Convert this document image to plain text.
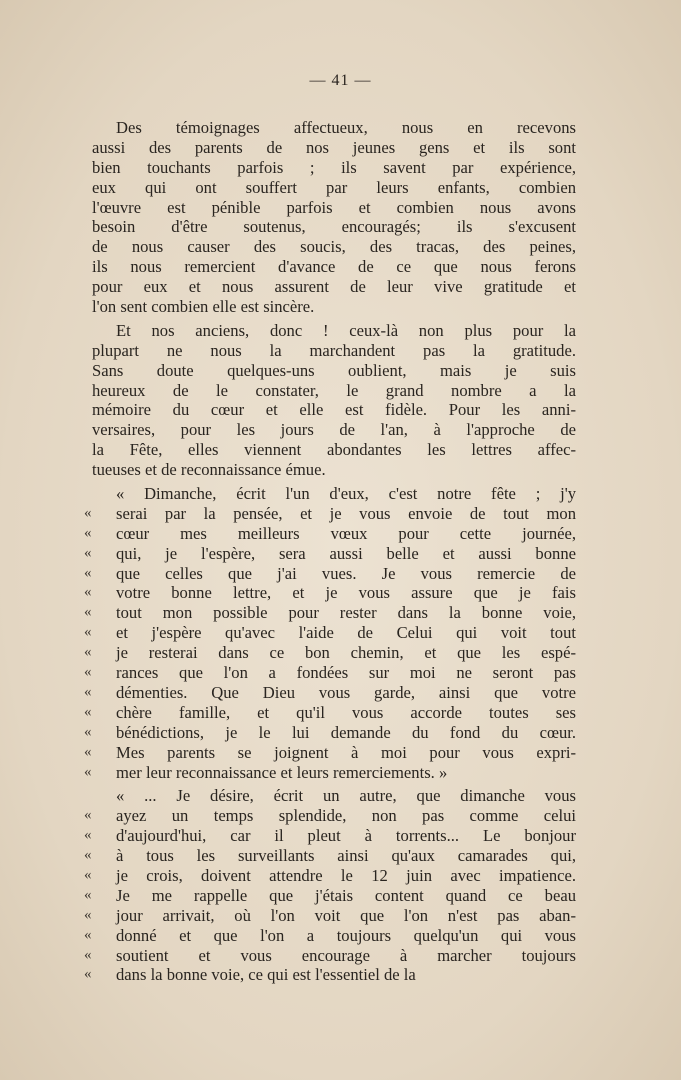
— 41 —
Des témoignages affectueux, nous en recevons
aussi des parents de nos jeunes gens et ils sont
bien touchants parfois ; ils savent par expérience,
eux qui ont souffert par leurs enfants, combien
l'œuvre est pénible parfois et combien nous avons
besoin d'être soutenus, encouragés; ils s'excusent
de nous causer des soucis, des tracas, des peines,
ils nous remercient d'avance de ce que nous ferons
pour eux et nous assurent de leur vive gratitude et
l'on sent combien elle est sincère.
Et nos anciens, donc ! ceux-là non plus pour la
plupart ne nous la marchandent pas la gratitude.
Sans doute quelques-uns oublient, mais je suis
heureux de le constater, le grand nombre a la
mémoire du cœur et elle est fidèle. Pour les anni-
versaires, pour les jours de l'an, à l'approche de
la Fête, elles viennent abondantes les lettres affec-
tueuses et de reconnaissance émue.
« Dimanche, écrit l'un d'eux, c'est notre fête ; j'y
« serai par la pensée, et je vous envoie de tout mon
« cœur mes meilleurs vœux pour cette journée,
« qui, je l'espère, sera aussi belle et aussi bonne
« que celles que j'ai vues. Je vous remercie de
« votre bonne lettre, et je vous assure que je fais
« tout mon possible pour rester dans la bonne voie,
« et j'espère qu'avec l'aide de Celui qui voit tout
« je resterai dans ce bon chemin, et que les espé-
« rances que l'on a fondées sur moi ne seront pas
« démenties. Que Dieu vous garde, ainsi que votre
« chère famille, et qu'il vous accorde toutes ses
« bénédictions, je le lui demande du fond du cœur.
« Mes parents se joignent à moi pour vous expri-
« mer leur reconnaissance et leurs remerciements. »
« ... Je désire, écrit un autre, que dimanche vous
« ayez un temps splendide, non pas comme celui
« d'aujourd'hui, car il pleut à torrents... Le bonjour
« à tous les surveillants ainsi qu'aux camarades qui,
« je crois, doivent attendre le 12 juin avec impatience.
« Je me rappelle que j'étais content quand ce beau
« jour arrivait, où l'on voit que l'on n'est pas aban-
« donné et que l'on a toujours quelqu'un qui vous
« soutient et vous encourage à marcher toujours
« dans la bonne voie, ce qui est l'essentiel de la
